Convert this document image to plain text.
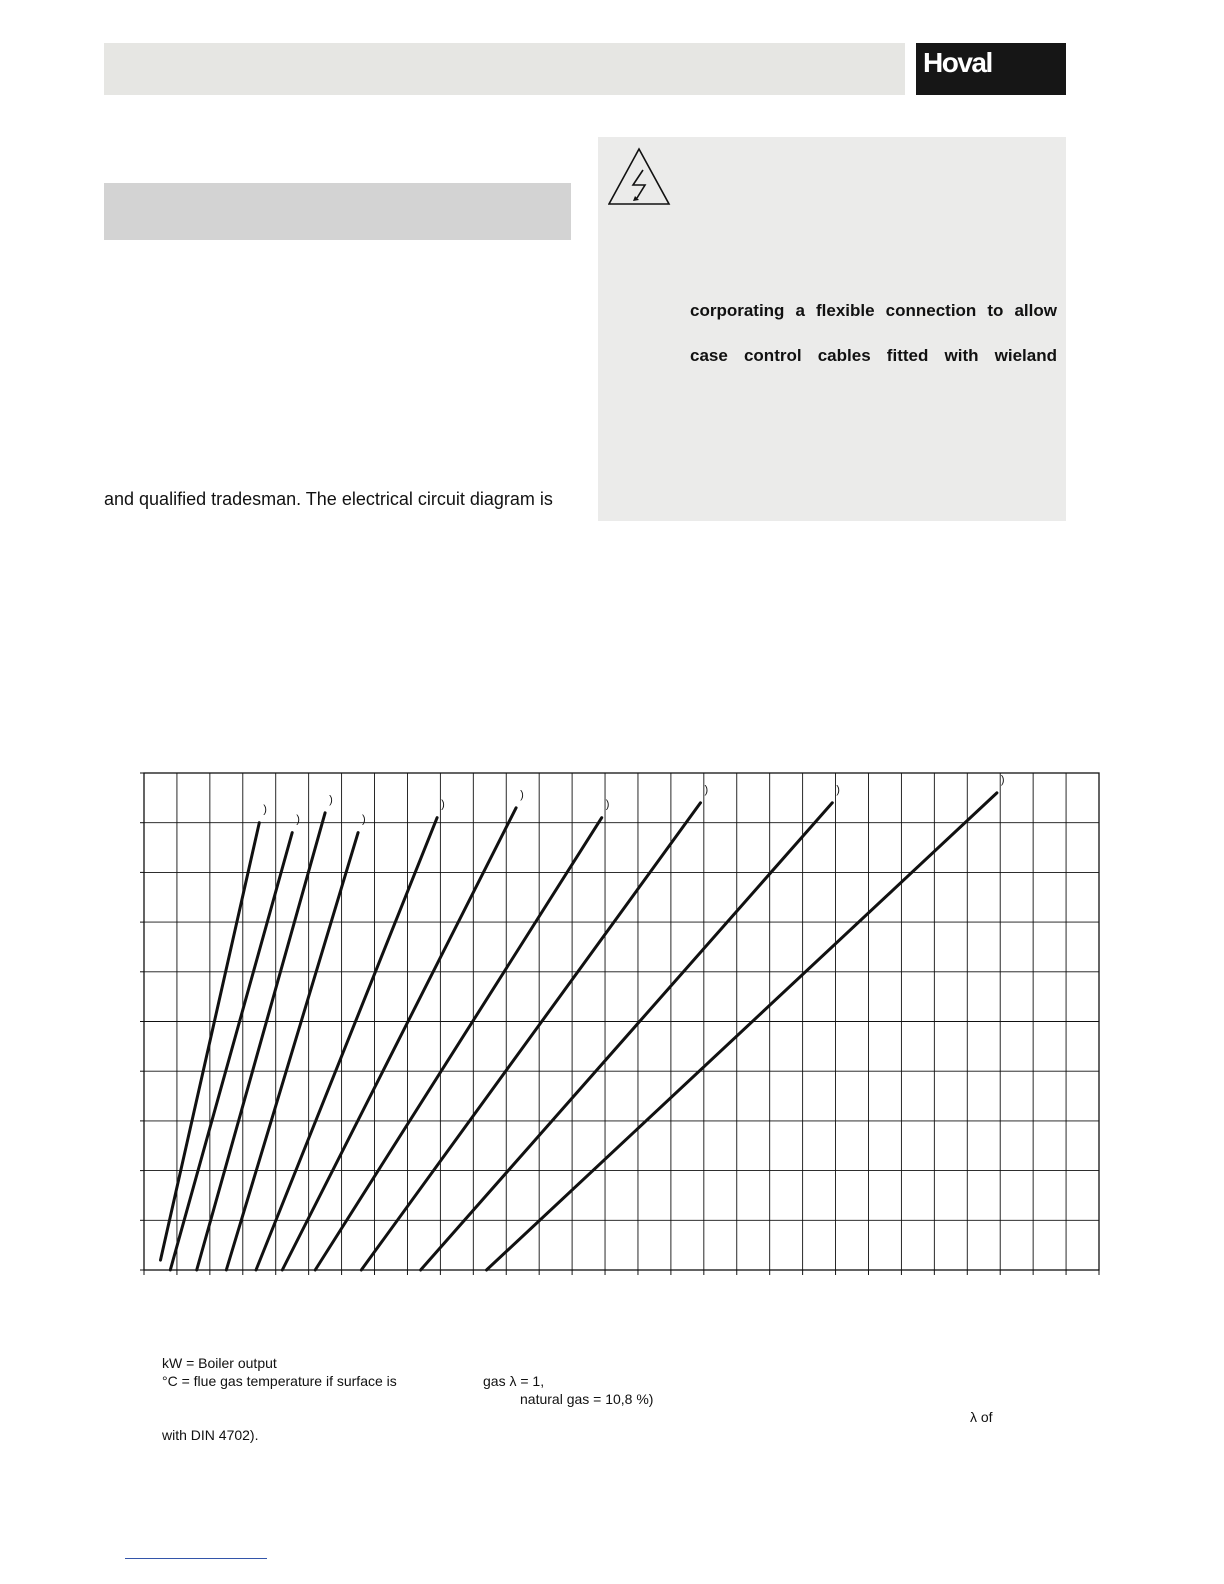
Hoval
and qualified tradesman. The electrical circuit diagram is
corporating a flexible connection to allow
case control cables fitted with wieland
)
)
)
)
)
)
)
)	)
)
kW = Boiler output
°C = flue gas temperature if surface is	gas λ = 1,
natural gas = 10,8 %)
λ of
with DIN 4702).
